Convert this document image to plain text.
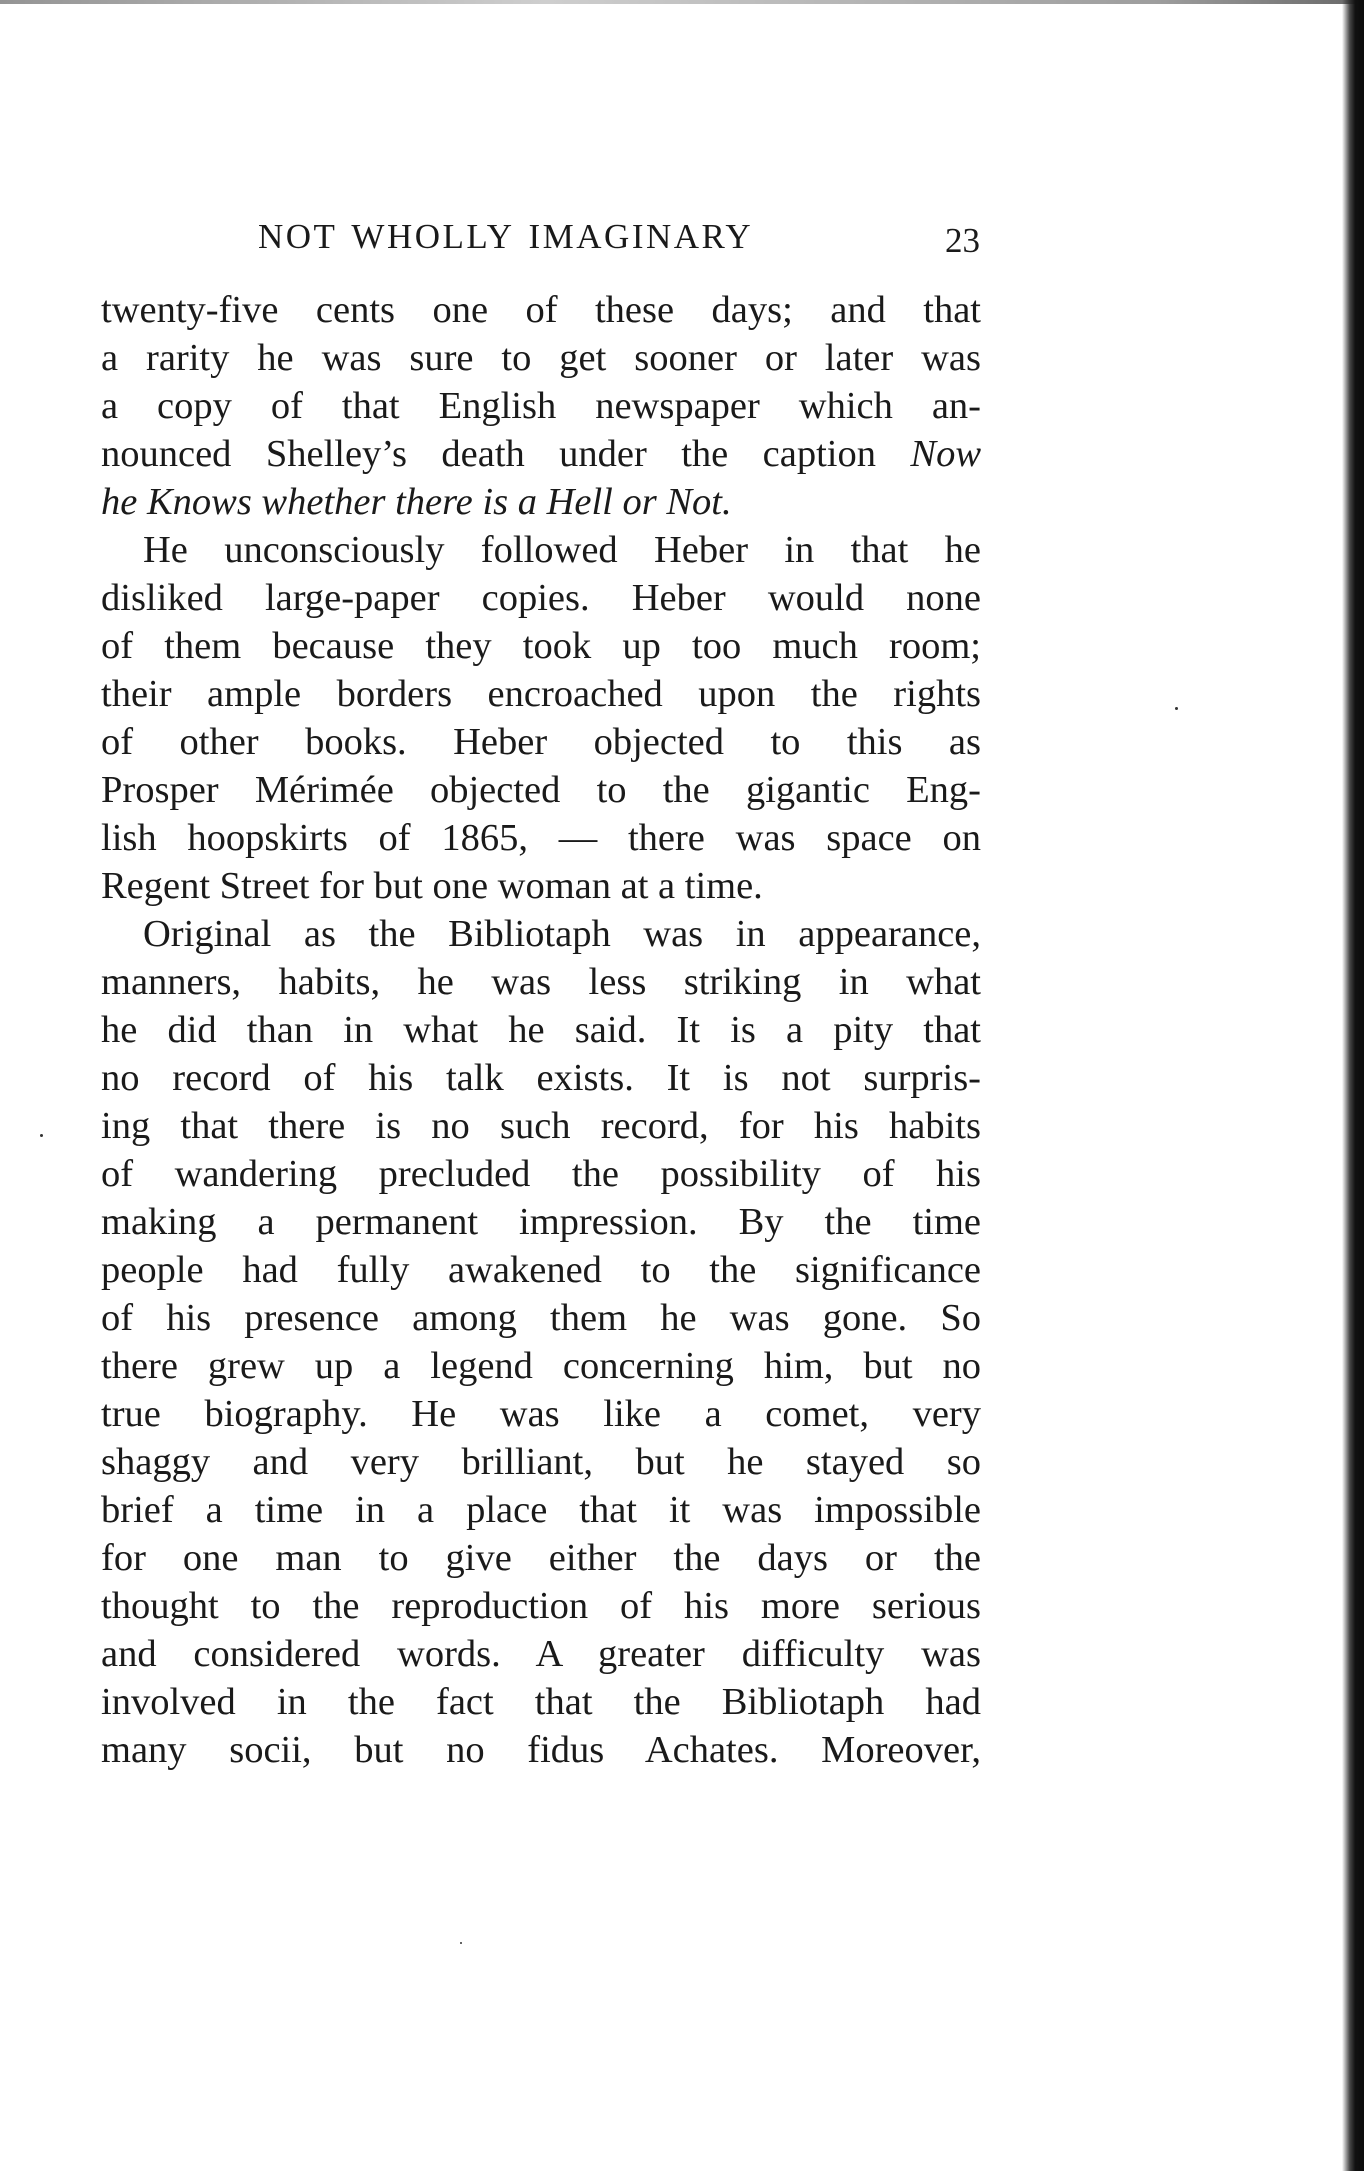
NOT WHOLLY IMAGINARY	23
twenty-five cents one of these days; and that
a rarity he was sure to get sooner or later was
a copy of that English newspaper which an-
nounced Shelley’s death under the caption Now
he Knows whether there is a Hell or Not.
He unconsciously followed Heber in that he
disliked large-paper copies. Heber would none
of them because they took up too much room;
their ample borders encroached upon the rights
of other books. Heber objected to this as
Prosper Mérimée objected to the gigantic Eng-
lish hoopskirts of 1865, — there was space on
Regent Street for but one woman at a time.
Original as the Bibliotaph was in appearance,
manners, habits, he was less striking in what
he did than in what he said. It is a pity that
no record of his talk exists. It is not surpris-
ing that there is no such record, for his habits
of wandering precluded the possibility of his
making a permanent impression. By the time
people had fully awakened to the significance
of his presence among them he was gone. So
there grew up a legend concerning him, but no
true biography. He was like a comet, very
shaggy and very brilliant, but he stayed so
brief a time in a place that it was impossible
for one man to give either the days or the
thought to the reproduction of his more serious
and considered words. A greater difficulty was
involved in the fact that the Bibliotaph had
many socii, but no fidus Achates. Moreover,
